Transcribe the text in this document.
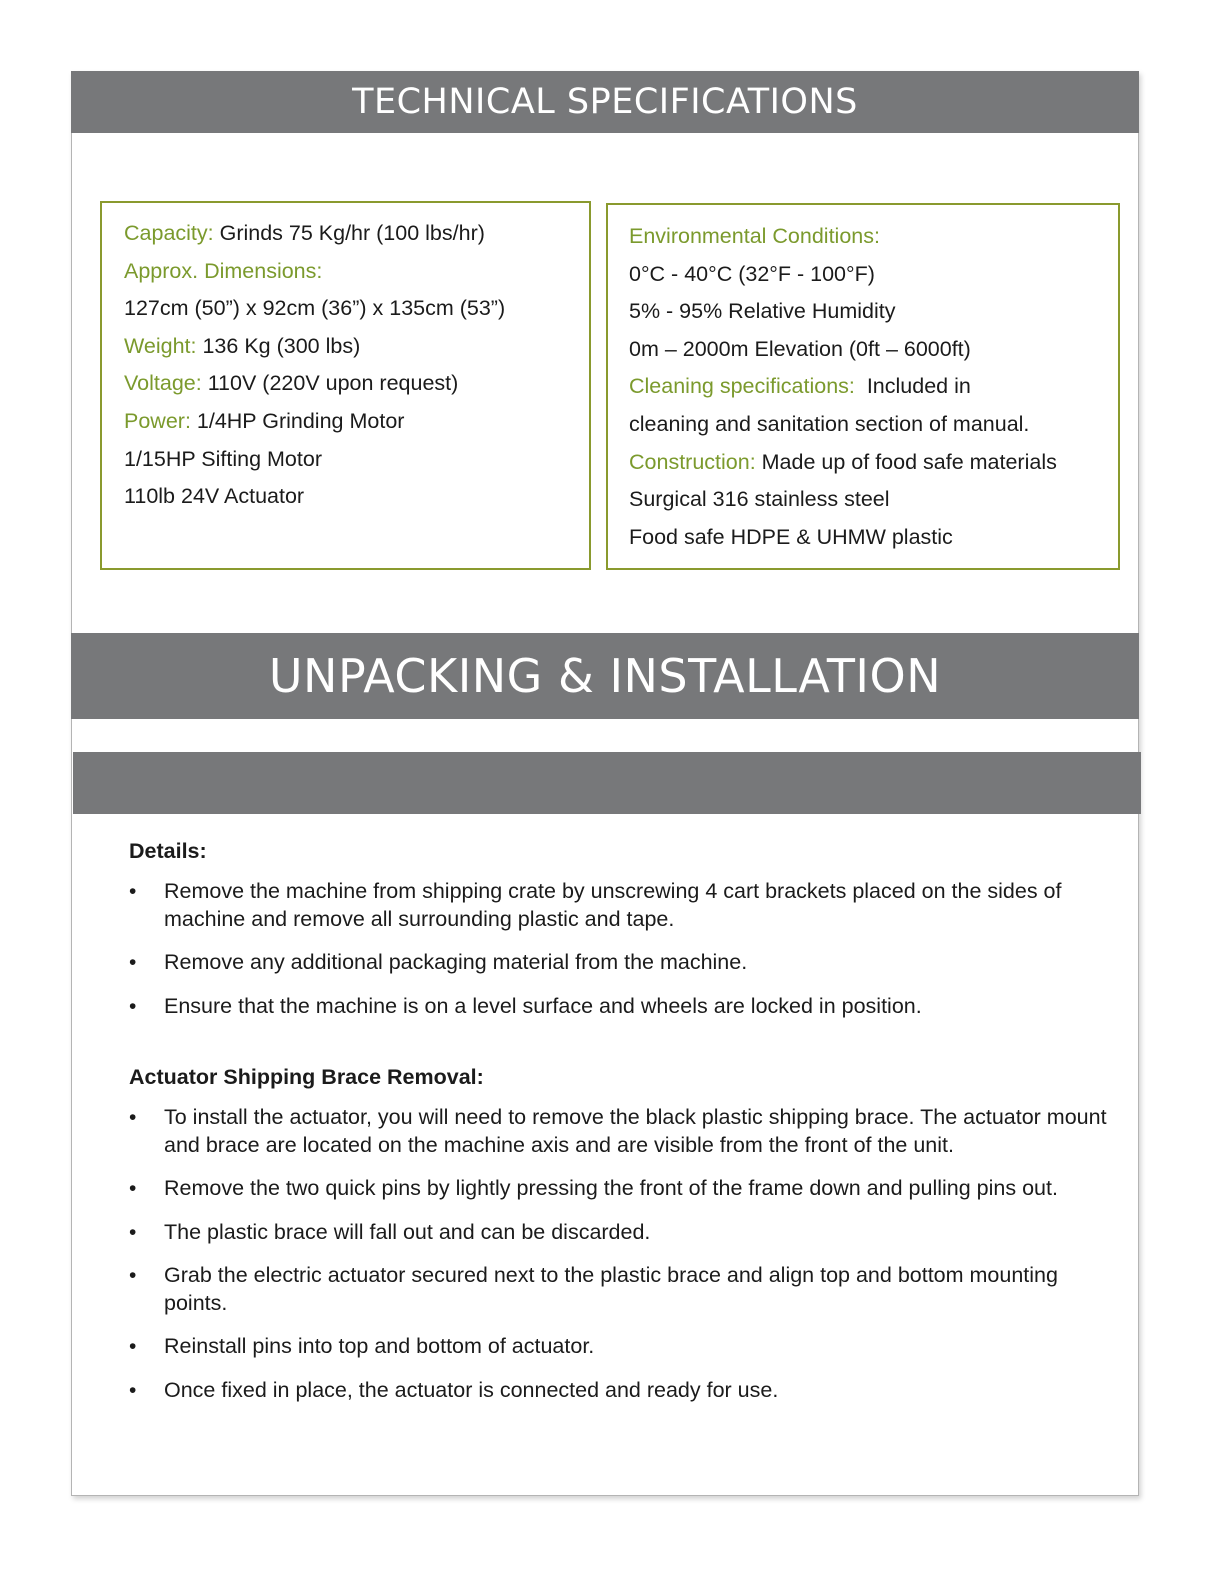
TECHNICAL SPECIFICATIONS
Capacity: Grinds 75 Kg/hr (100 lbs/hr)
Approx. Dimensions:
127cm (50”) x 92cm (36”) x 135cm (53”)
Weight: 136 Kg (300 lbs)
Voltage: 110V (220V upon request)
Power: 1/4HP Grinding Motor
1/15HP Sifting Motor
110lb 24V Actuator
Environmental Conditions:
0°C - 40°C (32°F - 100°F)
5% - 95% Relative Humidity
0m – 2000m Elevation (0ft – 6000ft)
Cleaning specifications:  Included in
cleaning and sanitation section of manual.
Construction: Made up of food safe materials
Surgical 316 stainless steel
Food safe HDPE & UHMW plastic
UNPACKING & INSTALLATION

Details:

• Remove the machine from shipping crate by unscrewing 4 cart brackets placed on the sides of machine and remove all surrounding plastic and tape.
• Remove any additional packaging material from the machine.
• Ensure that the machine is on a level surface and wheels are locked in position.

Actuator Shipping Brace Removal:

• To install the actuator, you will need to remove the black plastic shipping brace. The actuator mount and brace are located on the machine axis and are visible from the front of the unit.
• Remove the two quick pins by lightly pressing the front of the frame down and pulling pins out.
• The plastic brace will fall out and can be discarded.
• Grab the electric actuator secured next to the plastic brace and align top and bottom mounting points.
• Reinstall pins into top and bottom of actuator.
• Once fixed in place, the actuator is connected and ready for use.
